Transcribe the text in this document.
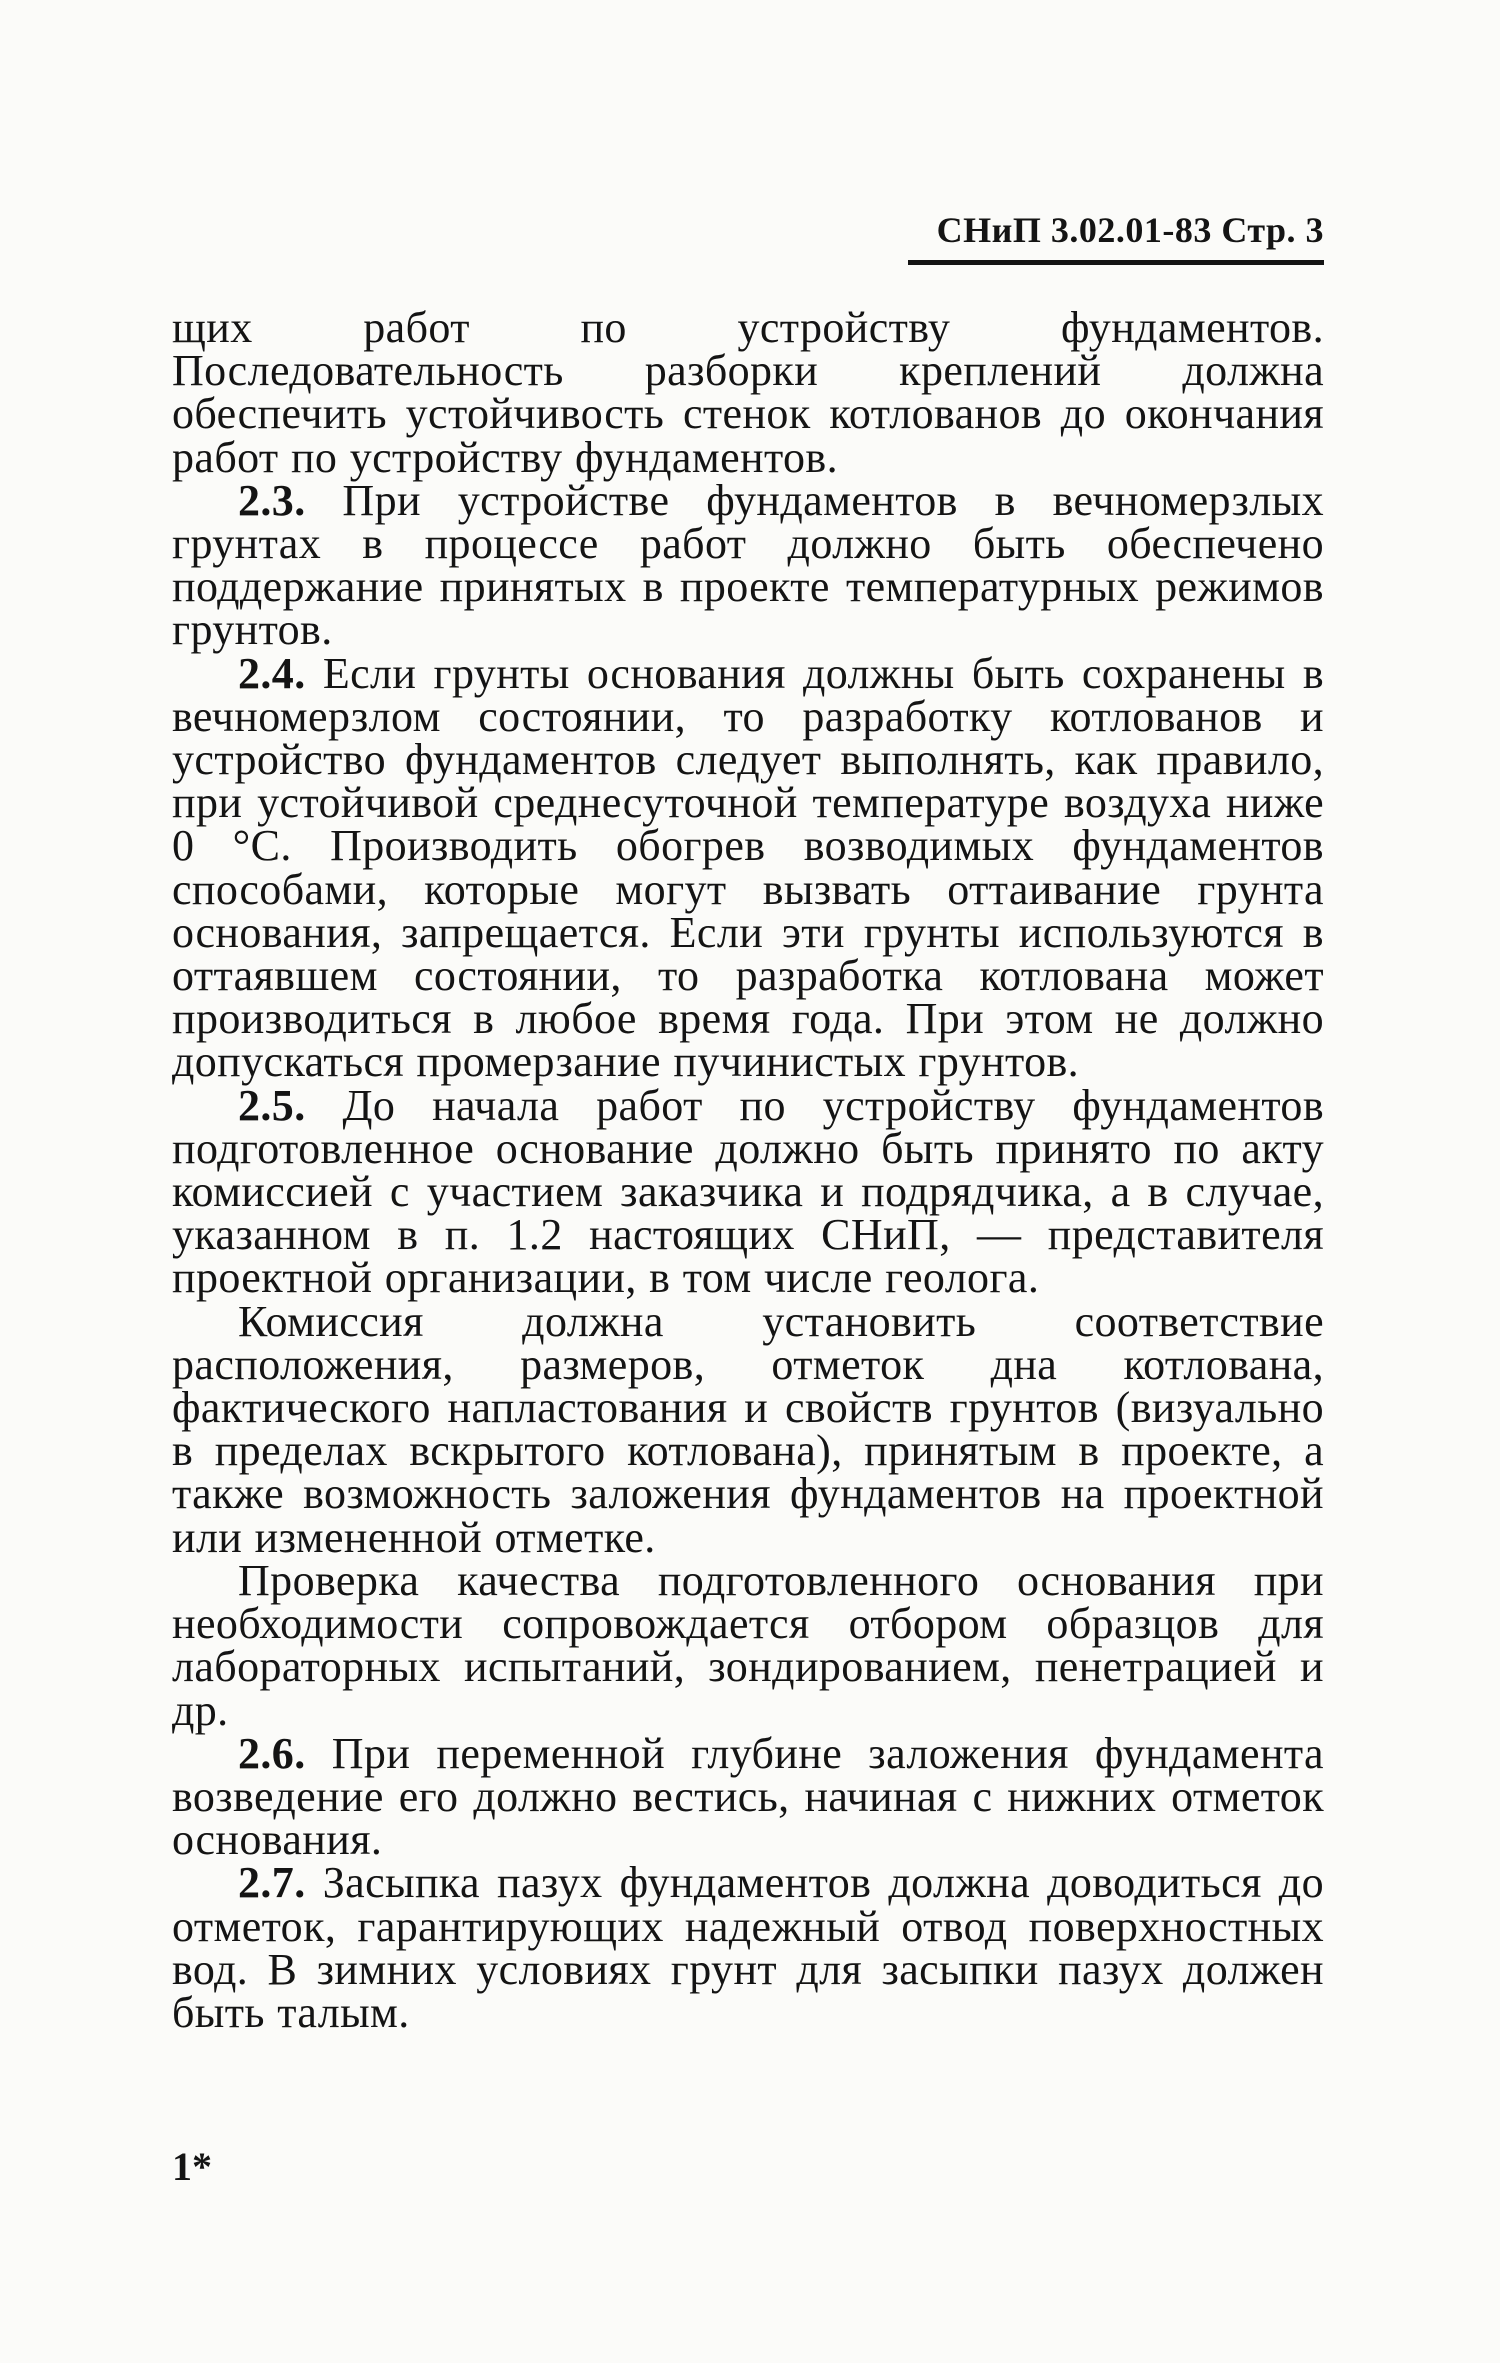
СНиП 3.02.01-83 Стр. 3

щих работ по устройству фундаментов. Последовательность разборки креплений должна обеспечить устойчивость стенок котлованов до окончания работ по устройству фундаментов.

2.3. При устройстве фундаментов в вечномерзлых грунтах в процессе работ должно быть обеспечено поддержание принятых в проекте температурных режимов грунтов.

2.4. Если грунты основания должны быть сохранены в вечномерзлом состоянии, то разработку котлованов и устройство фундаментов следует выполнять, как правило, при устойчивой среднесуточной температуре воздуха ниже 0 °С. Производить обогрев возводимых фундаментов способами, которые могут вызвать оттаивание грунта основания, запрещается. Если эти грунты используются в оттаявшем состоянии, то разработка котлована может производиться в любое время года. При этом не должно допускаться промерзание пучинистых грунтов.

2.5. До начала работ по устройству фундаментов подготовленное основание должно быть принято по акту комиссией с участием заказчика и подрядчика, а в случае, указанном в п. 1.2 настоящих СНиП, — представителя проектной организации, в том числе геолога.

Комиссия должна установить соответствие расположения, размеров, отметок дна котлована, фактического напластования и свойств грунтов (визуально в пределах вскрытого котлована), принятым в проекте, а также возможность заложения фундаментов на проектной или измененной отметке.

Проверка качества подготовленного основания при необходимости сопровождается отбором образцов для лабораторных испытаний, зондированием, пенетрацией и др.

2.6. При переменной глубине заложения фундамента возведение его должно вестись, начиная с нижних отметок основания.

2.7. Засыпка пазух фундаментов должна доводиться до отметок, гарантирующих надежный отвод поверхностных вод. В зимних условиях грунт для засыпки пазух должен быть талым.

1*
